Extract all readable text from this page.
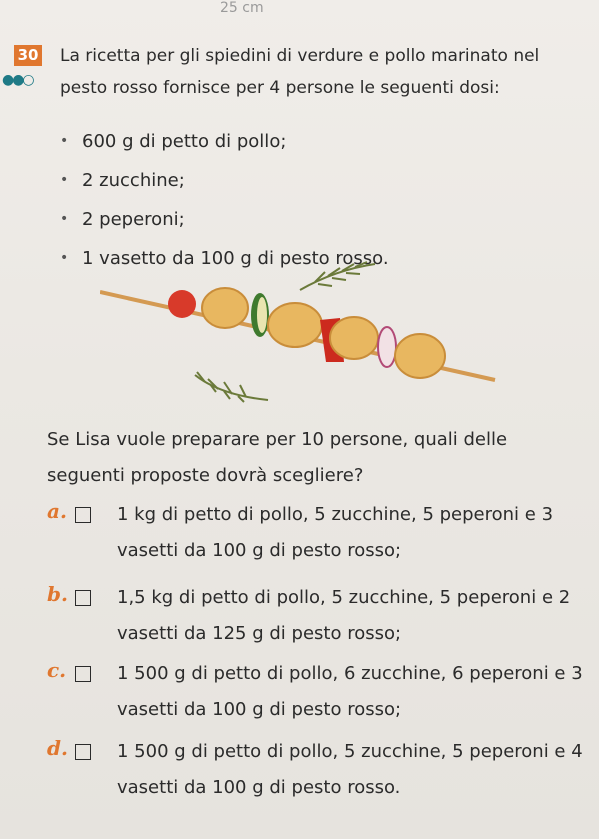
25 cm
30
●●○
La ricetta per gli spiedini di verdure e pollo marinato nel pesto rosso fornisce per 4 persone le seguenti dosi:
• 600 g di petto di pollo;
• 2 zucchine;
• 2 peperoni;
• 1 vasetto da 100 g di pesto rosso.
Se Lisa vuole preparare per 10 persone, quali delle seguenti proposte dovrà scegliere?
a.	1 kg di petto di pollo, 5 zucchine, 5 peperoni e 3 vasetti da 100 g di pesto rosso;
b.	1,5 kg di petto di pollo, 5 zucchine, 5 peperoni e 2 vasetti da 125 g di pesto rosso;
c.	1 500 g di petto di pollo, 6 zucchine, 6 peperoni e 3 vasetti da 100 g di pesto rosso;
d.	1 500 g di petto di pollo, 5 zucchine, 5 peperoni e 4 vasetti da 100 g di pesto rosso.
